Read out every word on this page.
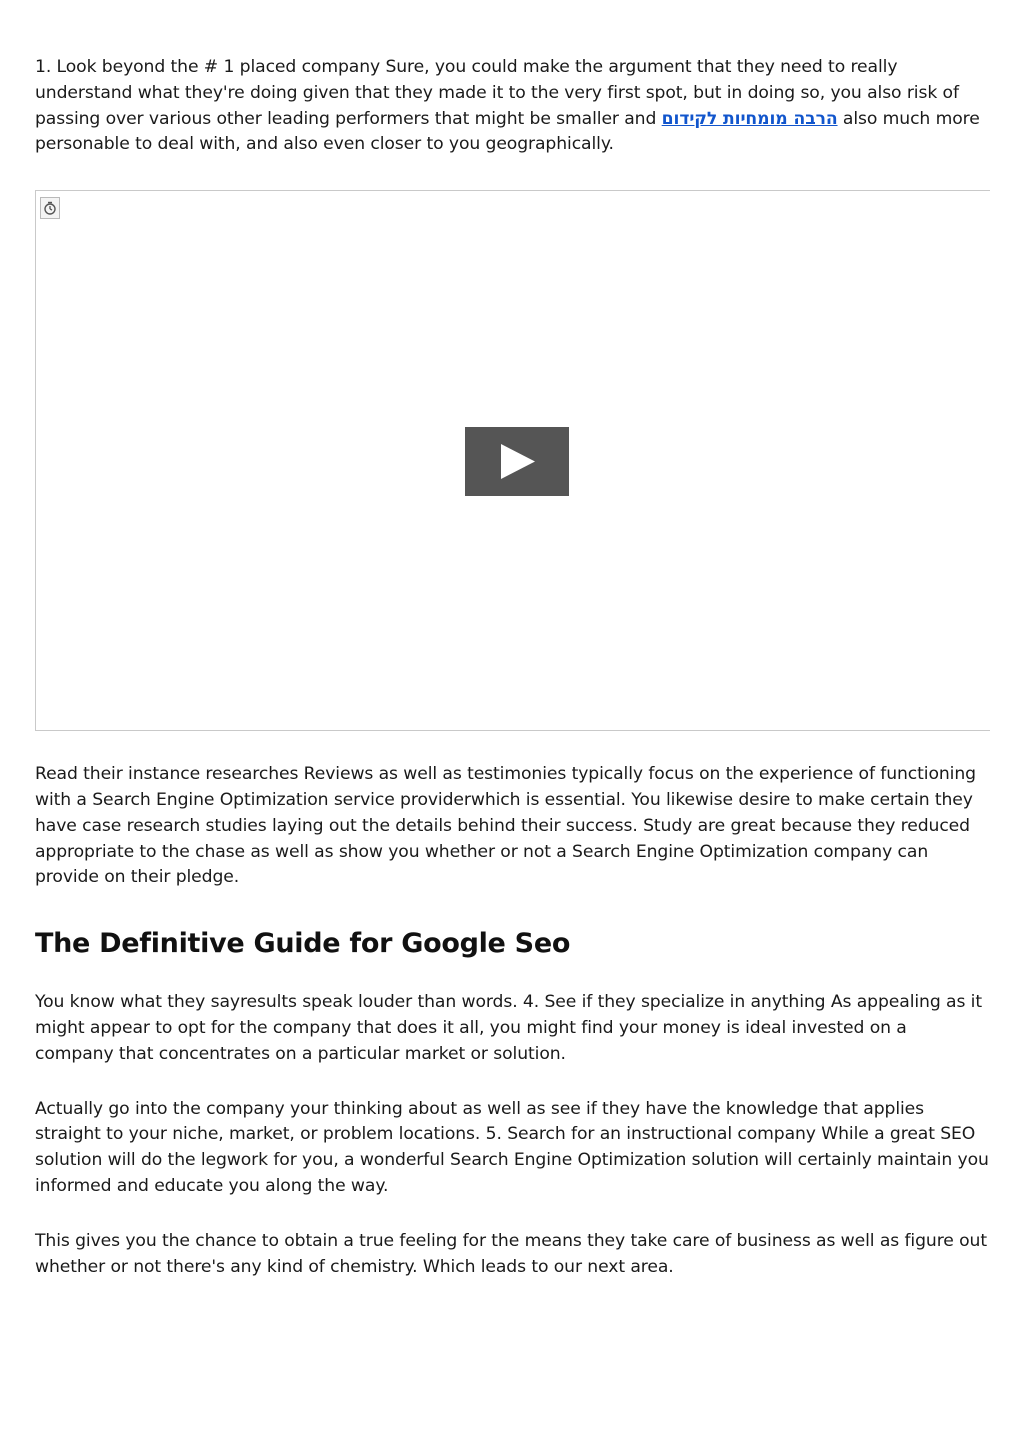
1. Look beyond the # 1 placed company Sure, you could make the argument that they need to really understand what they're doing given that they made it to the very first spot, but in doing so, you also risk of passing over various other leading performers that might be smaller and הרבה מומחיות לקידום also much more personable to deal with, and also even closer to you geographically.

Read their instance researches Reviews as well as testimonies typically focus on the experience of functioning with a Search Engine Optimization service providerwhich is essential. You likewise desire to make certain they have case research studies laying out the details behind their success. Study are great because they reduced appropriate to the chase as well as show you whether or not a Search Engine Optimization company can provide on their pledge.

The Definitive Guide for Google Seo

You know what they sayresults speak louder than words. 4. See if they specialize in anything As appealing as it might appear to opt for the company that does it all, you might find your money is ideal invested on a company that concentrates on a particular market or solution.

Actually go into the company your thinking about as well as see if they have the knowledge that applies straight to your niche, market, or problem locations. 5. Search for an instructional company While a great SEO solution will do the legwork for you, a wonderful Search Engine Optimization solution will certainly maintain you informed and educate you along the way.

This gives you the chance to obtain a true feeling for the means they take care of business as well as figure out whether or not there's any kind of chemistry. Which leads to our next area.
